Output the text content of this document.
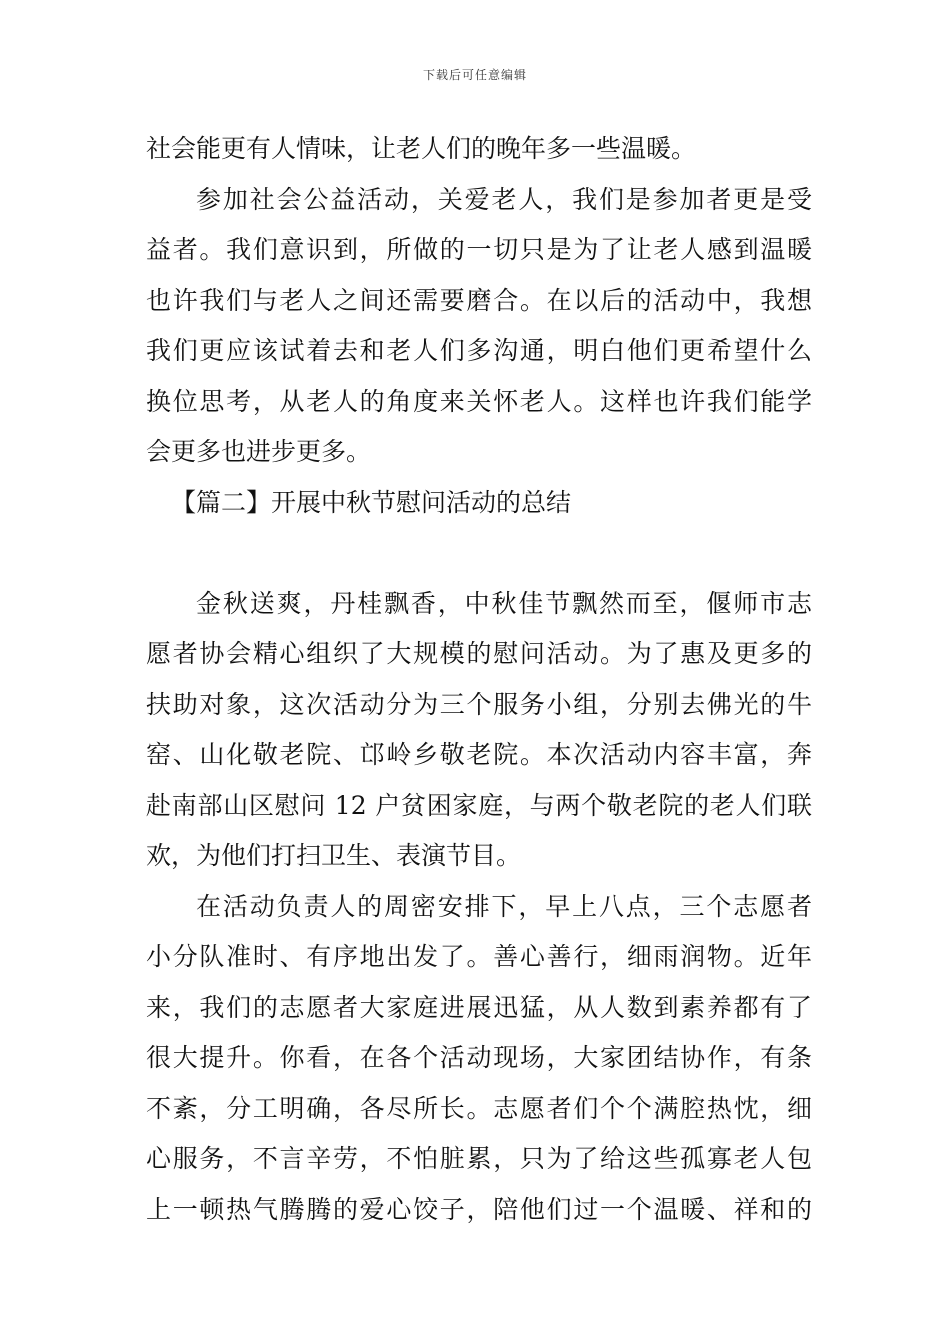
下载后可任意编辑
社会能更有人情味，让老人们的晚年多一些温暖。
参加社会公益活动，关爱老人，我们是参加者更是受
益者。我们意识到，所做的一切只是为了让老人感到温暖
也许我们与老人之间还需要磨合。在以后的活动中，我想
我们更应该试着去和老人们多沟通，明白他们更希望什么
换位思考，从老人的角度来关怀老人。这样也许我们能学
会更多也进步更多。
【篇二】开展中秋节慰问活动的总结
金秋送爽，丹桂飘香，中秋佳节飘然而至，偃师市志
愿者协会精心组织了大规模的慰问活动。为了惠及更多的
扶助对象，这次活动分为三个服务小组，分别去佛光的牛
窑、山化敬老院、邙岭乡敬老院。本次活动内容丰富，奔
赴南部山区慰问 12 户贫困家庭，与两个敬老院的老人们联
欢，为他们打扫卫生、表演节目。
在活动负责人的周密安排下，早上八点，三个志愿者
小分队准时、有序地出发了。善心善行，细雨润物。近年
来，我们的志愿者大家庭进展迅猛，从人数到素养都有了
很大提升。你看，在各个活动现场，大家团结协作，有条
不紊，分工明确，各尽所长。志愿者们个个满腔热忱，细
心服务，不言辛劳，不怕脏累，只为了给这些孤寡老人包
上一顿热气腾腾的爱心饺子，陪他们过一个温暖、祥和的
